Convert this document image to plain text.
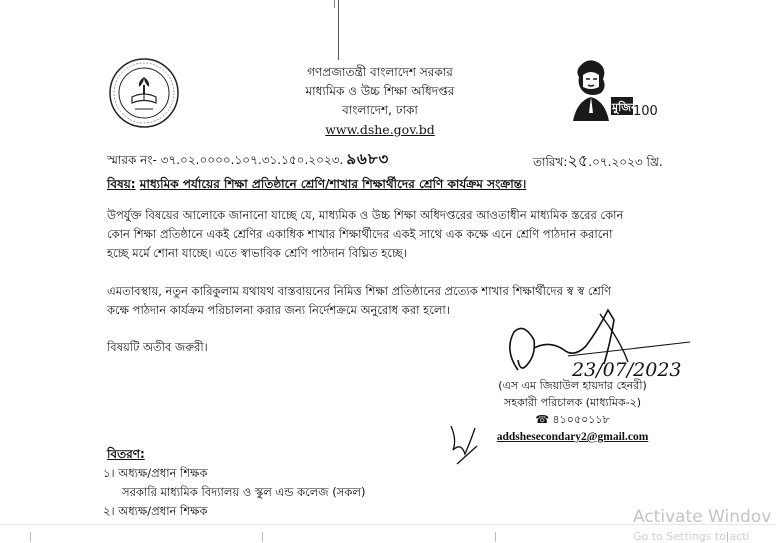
গণপ্রজাতন্ত্রী বাংলাদেশ সরকার
মাধ্যমিক ও উচ্চ শিক্ষা অধিদপ্তর
বাংলাদেশ, ঢাকা
www.dshe.gov.bd
মুজিব
100
স্মারক নং- ৩৭.০২.০০০০.১০৭.৩১.১৫০.২০২৩. ৯৬৮৩	তারিখ:২৫.০৭.২০২৩ খ্রি.
বিষয়: মাধ্যমিক পর্যায়ের শিক্ষা প্রতিষ্ঠানে শ্রেণি/শাখার শিক্ষার্থীদের শ্রেণি কার্যক্রম সংক্রান্ত।
উপর্যুক্ত বিষয়ের আলোকে জানানো যাচ্ছে যে, মাধ্যমিক ও উচ্চ শিক্ষা অধিদপ্তরের আওতাধীন মাধ্যমিক স্তরের কোন
কোন শিক্ষা প্রতিষ্ঠানে একই শ্রেণির একাধিক শাখার শিক্ষার্থীদের একই সাথে এক কক্ষে এনে শ্রেণি পাঠদান করানো
হচ্ছে মর্মে শোনা যাচ্ছে। এতে স্বাভাবিক শ্রেণি পাঠদান বিঘ্নিত হচ্ছে।
এমতাবস্থায়, নতুন কারিকুলাম যথাযথ বাস্তবায়নের নিমিত্ত শিক্ষা প্রতিষ্ঠানের প্রত্যেক শাখার শিক্ষার্থীদের স্ব স্ব শ্রেণি
কক্ষে পাঠদান কার্যক্রম পরিচালনা করার জন্য নির্দেশক্রমে অনুরোধ করা হলো।
বিষয়টি অতীব জরুরী।
23/07/2023
(এস এম জিয়াউল হায়দার হেনরী)
সহকারী পরিচালক (মাধ্যমিক-২)
☎ ৪১০৫০১১৮
addshesecondary2@gmail.com
বিতরণ:
১। অধ্যক্ষ/প্রধান শিক্ষক
সরকারি মাধ্যমিক বিদ্যালয় ও স্কুল এন্ড কলেজ (সকল)
২। অধ্যক্ষ/প্রধান শিক্ষক	Activate Windov
Go to Settings to acti
